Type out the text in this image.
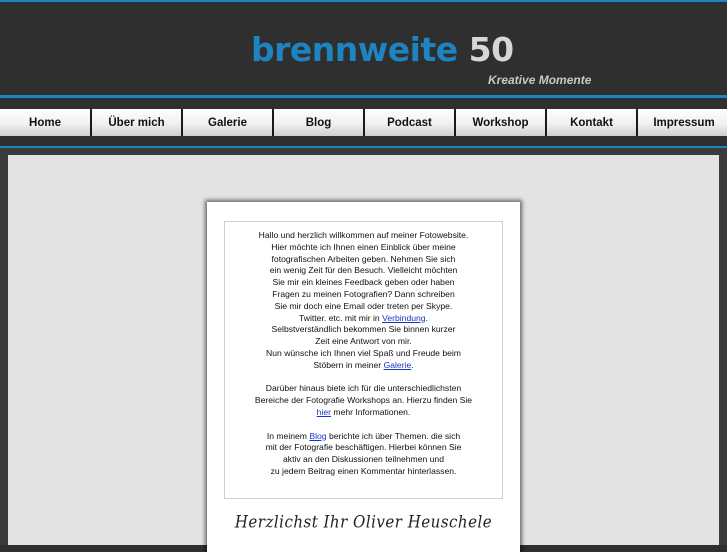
brennweite 50
Kreative Momente
Home	Über mich	Galerie	Blog	Podcast	Workshop	Kontakt	Impressum

Hallo und herzlich willkommen auf meiner Fotowebsite.
Hier möchte ich Ihnen einen Einblick über meine
fotografischen Arbeiten geben. Nehmen Sie sich
ein wenig Zeit für den Besuch. Vielleicht möchten
Sie mir ein kleines Feedback geben oder haben
Fragen zu meinen Fotografien? Dann schreiben
Sie mir doch eine Email oder treten per Skype.
Twitter. etc. mit mir in Verbindung.
Selbstverständlich bekommen Sie binnen kurzer
Zeit eine Antwort von mir.
Nun wünsche ich Ihnen viel Spaß und Freude beim
Stöbern in meiner Galerie.

Darüber hinaus biete ich für die unterschiedlichsten
Bereiche der Fotografie Workshops an. Hierzu finden Sie
hier mehr Informationen.

In meinem Blog berichte ich über Themen. die sich
mit der Fotografie beschäftigen. Hierbei können Sie
aktiv an den Diskussionen teilnehmen und
zu jedem Beitrag einen Kommentar hinterlassen.

Herzlichst Ihr Oliver Heuschele
